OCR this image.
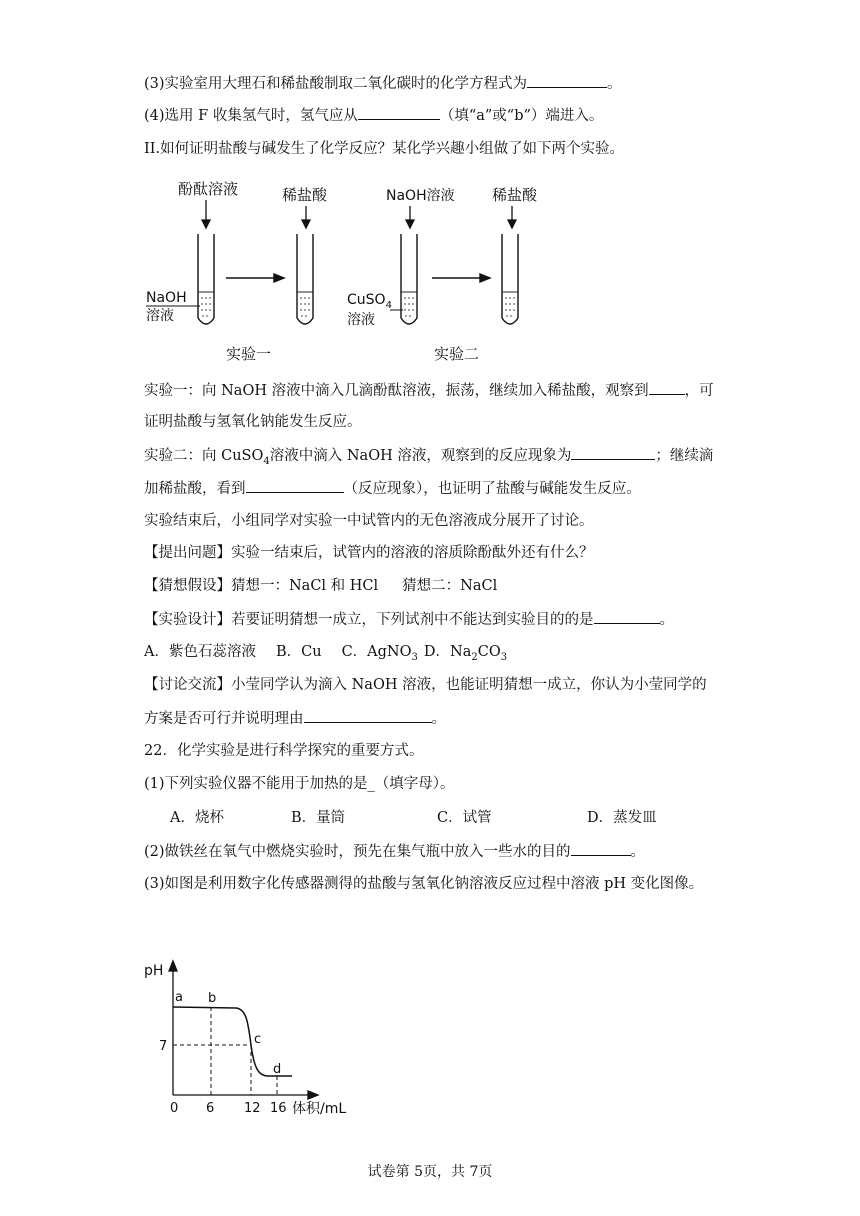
(3)实验室用大理石和稀盐酸制取二氧化碳时的化学方程式为	。
(4)选用 F 收集氢气时，氢气应从	（填“a”或“b”）端进入。
II.如何证明盐酸与碱发生了化学反应？某化学兴趣小组做了如下两个实验。
酚酞溶液	稀盐酸	NaOH溶液 稀盐酸
NaOH
溶液
CuSO$_4$
溶液
实验一	实验二
实验一：向 NaOH 溶液中滴入几滴酚酞溶液，振荡，继续加入稀盐酸，观察到 ，可
证明盐酸与氢氧化钠能发生反应。
实验二：向 CuSO$_4$溶液中滴入 NaOH 溶液，观察到的反应现象为	；继续滴
加稀盐酸，看到	（反应现象），也证明了盐酸与碱能发生反应。
实验结束后，小组同学对实验一中试管内的无色溶液成分展开了讨论。
【提出问题】实验一结束后，试管内的溶液的溶质除酚酞外还有什么？
【猜想假设】猜想一：NaCl 和 HCl 猜想二：NaCl
【实验设计】若要证明猜想一成立，下列试剂中不能达到实验目的的是	。
A．紫色石蕊溶液 B．Cu C．AgNO$_3$ D．$Na_2CO_3$
【讨论交流】小莹同学认为滴入 NaOH 溶液，也能证明猜想一成立，你认为小莹同学的
方案是否可行并说明理由	。
22．化学实验是进行科学探究的重要方式。
(1)下列实验仪器不能用于加热的是_（填字母）。
A．烧杯	B．量筒	C．试管	D．蒸发皿
(2)做铁丝在氧气中燃烧实验时，预先在集气瓶中放入一些水的目的	。
(3)如图是利用数字化传感器测得的盐酸与氢氧化钠溶液反应过程中溶液 pH 变化图像。
pH
体积/mL
0 6 12 16
7
a b
c
d
试卷第 5页，共 7页
